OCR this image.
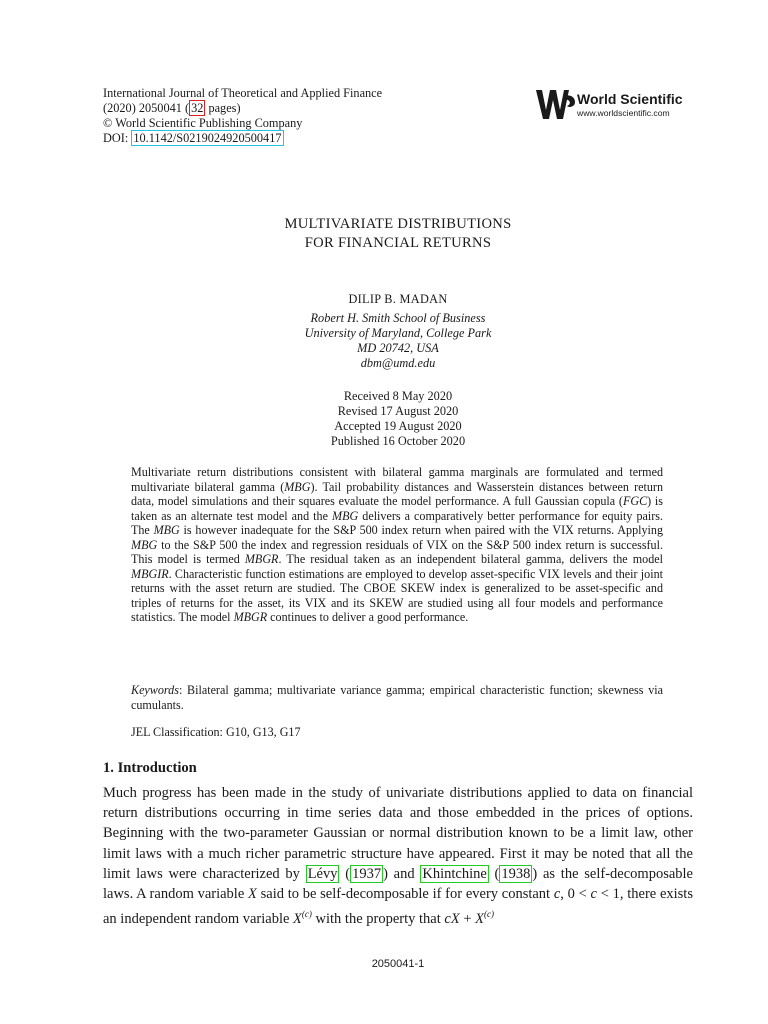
International Journal of Theoretical and Applied Finance
(2020) 2050041 ( 32 pages)
© World Scientific Publishing Company
DOI: 10.1142/S0219024920500417
World Scientific
www.worldscientific.com
MULTIVARIATE DISTRIBUTIONS
FOR FINANCIAL RETURNS
DILIP B. MADAN
Robert H. Smith School of Business
University of Maryland, College Park
MD 20742, USA
dbm@umd.edu
Received 8 May 2020
Revised 17 August 2020
Accepted 19 August 2020
Published 16 October 2020

Multivariate return distributions consistent with bilateral gamma marginals are formulated and termed multivariate bilateral gamma (MBG). Tail probability distances and Wasserstein distances between return data, model simulations and their squares evaluate the model performance. A full Gaussian copula (FGC) is taken as an alternate test model and the MBG delivers a comparatively better performance for equity pairs. The MBG is however inadequate for the S&P 500 index return when paired with the VIX returns. Applying MBG to the S&P 500 the index and regression residuals of VIX on the S&P 500 index return is successful. This model is termed MBGR. The residual taken as an independent bilateral gamma, delivers the model MBGIR. Characteristic function estimations are employed to develop asset-specific VIX levels and their joint returns with the asset return are studied. The CBOE SKEW index is generalized to be asset-specific and triples of returns for the asset, its VIX and its SKEW are studied using all four models and performance statistics. The model MBGR continues to deliver a good performance.

Keywords: Bilateral gamma; multivariate variance gamma; empirical characteristic function; skewness via cumulants.
JEL Classification: G10, G13, G17
1. Introduction

Much progress has been made in the study of univariate distributions applied to data on financial return distributions occurring in time series data and those embedded in the prices of options. Beginning with the two-parameter Gaussian or normal distribution known to be a limit law, other limit laws with a much richer parametric structure have appeared. First it may be noted that all the limit laws were characterized by Lévy ( 1937 ) and Khintchine ( 1938 ) as the self-decomposable laws. A random variable X said to be self-decomposable if for every constant c, 0 < c < 1, there exists an independent random variable $X^{(c)}$ with the property that cX + $X^{(c)}$

2050041-1
